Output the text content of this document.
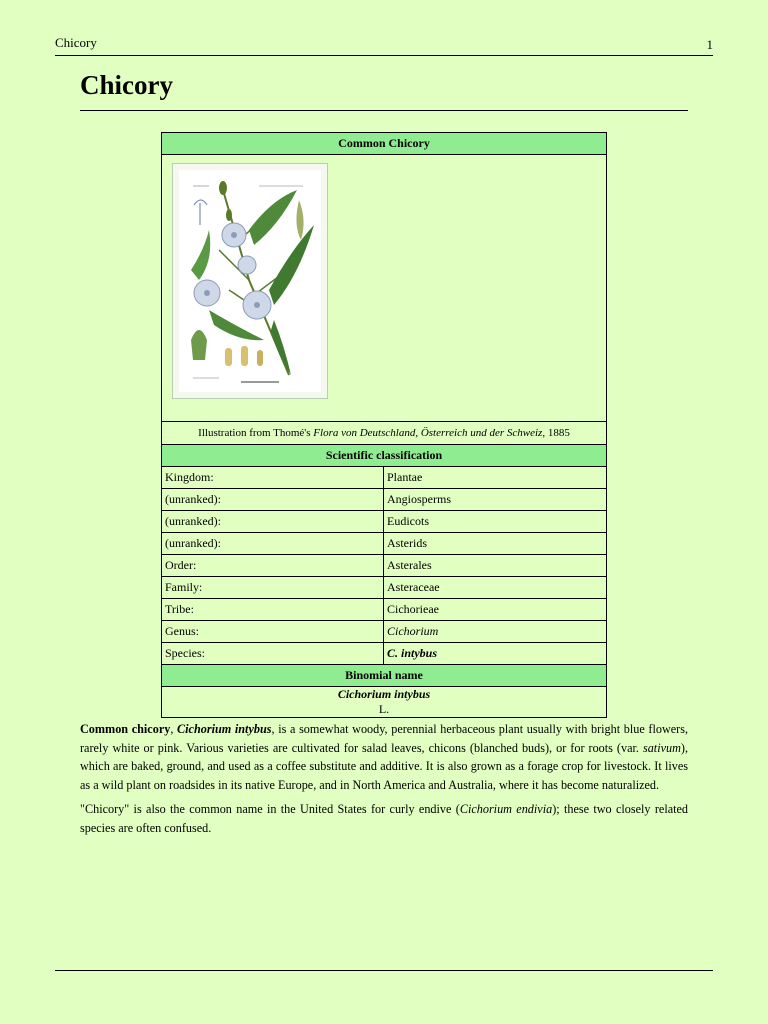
Chicory	1
Chicory
Common Chicory	

Illustration from Thomé's Flora von Deutschland, Österreich und der Schweiz, 1885	
Scientific classification	
Kingdom:	Plantae
(unranked):	Angiosperms
(unranked):	Eudicots
(unranked):	Asterids
Order:	Asterales
Family:	Asteraceae
Tribe:	Cichorieae
Genus:	Cichorium
Species:	C. intybus
Binomial name	
Cichorium intybus
L.	

Common chicory, Cichorium intybus, is a somewhat woody, perennial herbaceous plant usually with bright blue flowers, rarely white or pink. Various varieties are cultivated for salad leaves, chicons (blanched buds), or for roots (var. sativum), which are baked, ground, and used as a coffee substitute and additive. It is also grown as a forage crop for livestock. It lives as a wild plant on roadsides in its native Europe, and in North America and Australia, where it has become naturalized.

"Chicory" is also the common name in the United States for curly endive (Cichorium endivia); these two closely related species are often confused.
